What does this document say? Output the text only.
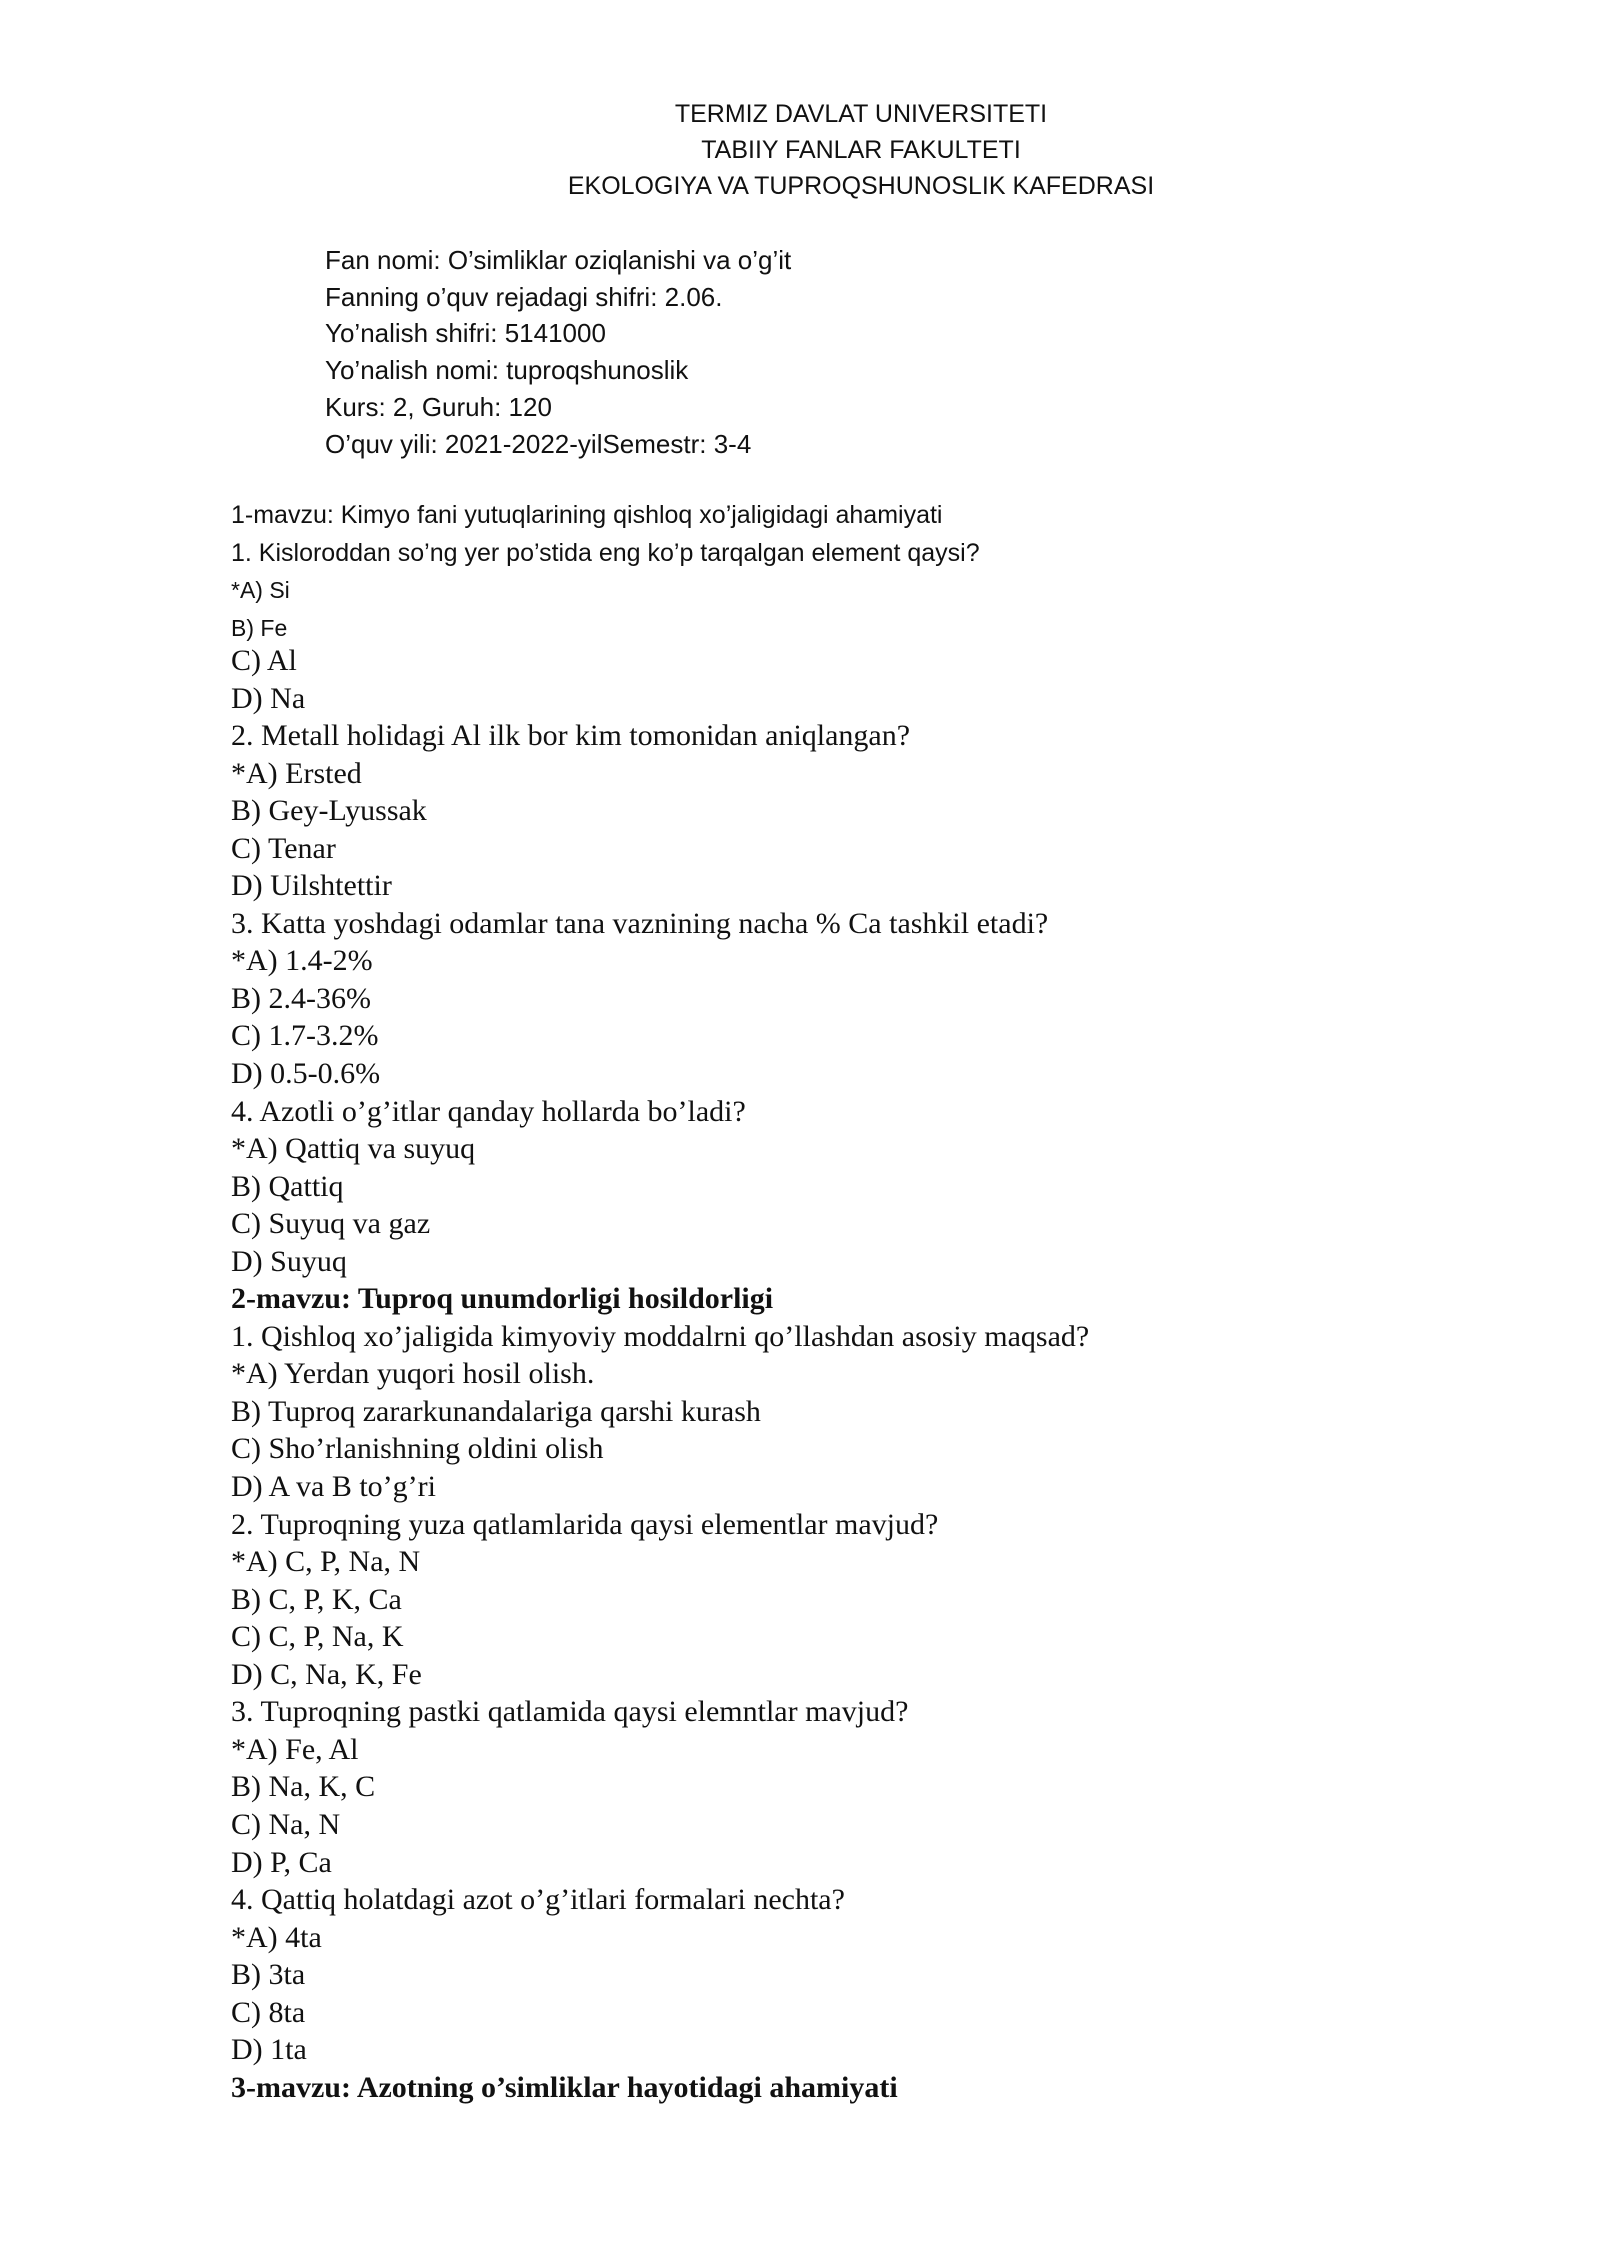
TERMIZ DAVLAT UNIVERSITETI
TABIIY FANLAR FAKULTETI
EKOLOGIYA VA TUPROQSHUNOSLIK KAFEDRASI
Fan nomi: O’simliklar oziqlanishi va o’g’it
Fanning o’quv rejadagi shifri: 2.06.
Yo’nalish shifri: 5141000
Yo’nalish nomi: tuproqshunoslik
Kurs: 2, Guruh: 120
O’quv yili: 2021-2022-yilSemestr: 3-4
1-mavzu: Kimyo fani yutuqlarining qishloq xo’jaligidagi ahamiyati
1. Kisloroddan so’ng yer po’stida eng ko’p tarqalgan element qaysi?
*A) Si
B) Fe
C) Al
D) Na
2. Metall holidagi Al ilk bor kim tomonidan aniqlangan?
*A) Ersted
B) Gey-Lyussak
C) Tenar
D) Uilshtettir
3. Katta yoshdagi odamlar tana vaznining nacha % Ca tashkil etadi?
*A) 1.4-2%
B) 2.4-36%
C) 1.7-3.2%
D) 0.5-0.6%
4. Azotli o’g’itlar qanday hollarda bo’ladi?
*A) Qattiq va suyuq
B) Qattiq
C) Suyuq va gaz
D) Suyuq
2-mavzu: Tuproq unumdorligi hosildorligi
1. Qishloq xo’jaligida kimyoviy moddalrni qo’llashdan asosiy maqsad?
*A) Yerdan yuqori hosil olish.
B) Tuproq zararkunandalariga qarshi kurash
C) Sho’rlanishning oldini olish
D) A va B to’g’ri
2. Tuproqning yuza qatlamlarida qaysi elementlar mavjud?
*A) C, P, Na, N
B) C, P, K, Ca
C) C, P, Na, K
D) C, Na, K, Fe
3. Tuproqning pastki qatlamida qaysi elemntlar mavjud?
*A) Fe, Al
B) Na, K, C
C) Na, N
D) P, Ca
4. Qattiq holatdagi azot o’g’itlari formalari nechta?
*A) 4ta
B) 3ta
C) 8ta
D) 1ta
3-mavzu: Azotning o’simliklar hayotidagi ahamiyati
